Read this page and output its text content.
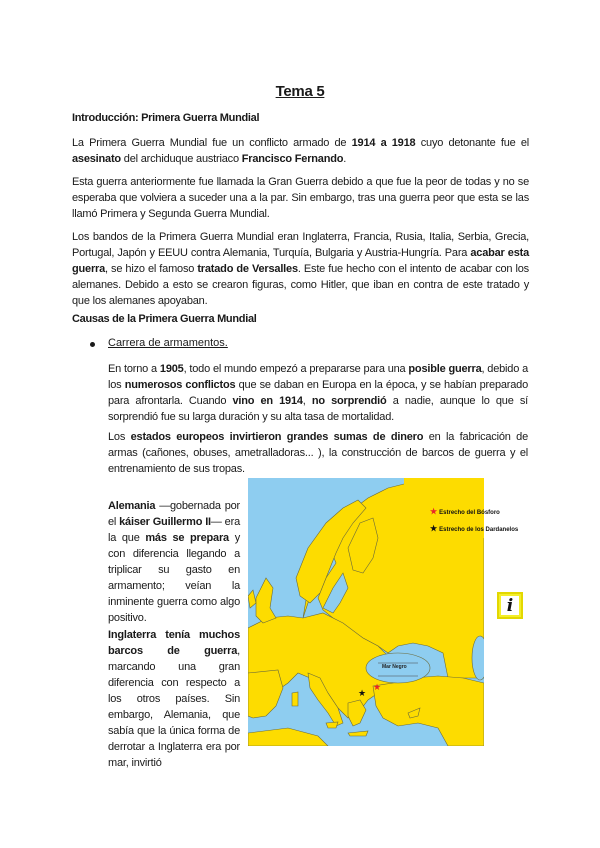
Tema 5
Introducción: Primera Guerra Mundial
La Primera Guerra Mundial fue un conflicto armado de 1914 a 1918 cuyo detonante fue el asesinato del archiduque austriaco Francisco Fernando.
Esta guerra anteriormente fue llamada la Gran Guerra debido a que fue la peor de todas y no se esperaba que volviera a suceder una a la par. Sin embargo, tras una guerra peor que esta se las llamó Primera y Segunda Guerra Mundial.
Los bandos de la Primera Guerra Mundial eran Inglaterra, Francia, Rusia, Italia, Serbia, Grecia, Portugal, Japón y EEUU contra Alemania, Turquía, Bulgaria y Austria-Hungría. Para acabar esta guerra, se hizo el famoso tratado de Versalles. Este fue hecho con el intento de acabar con los alemanes. Debido a esto se crearon figuras, como Hitler, que iban en contra de este tratado y que los alemanes apoyaban.
Causas de la Primera Guerra Mundial
Carrera de armamentos.
En torno a 1905, todo el mundo empezó a prepararse para una posible guerra, debido a los numerosos conflictos que se daban en Europa en la época, y se habían preparado para afrontarla. Cuando vino en 1914, no sorprendió a nadie, aunque lo que sí sorprendió fue su larga duración y su alta tasa de mortalidad.
Los estados europeos invirtieron grandes sumas de dinero en la fabricación de armas (cañones, obuses, ametralladoras... ), la construcción de barcos de guerra y el entrenamiento de sus tropas.
Alemania —gobernada por el káiser Guillermo II— era la que más se prepara y con diferencia llegando a triplicar su gasto en armamento; veían la inminente guerra como algo positivo.
Inglaterra tenía muchos barcos de guerra, marcando una gran diferencia con respecto a los otros países. Sin embargo, Alemania, que sabía que la única forma de derrotar a Inglaterra era por mar, invirtió
Mar Negro
★
★
★ Estrecho del Bósforo
★ Estrecho de los Dardanelos
i
